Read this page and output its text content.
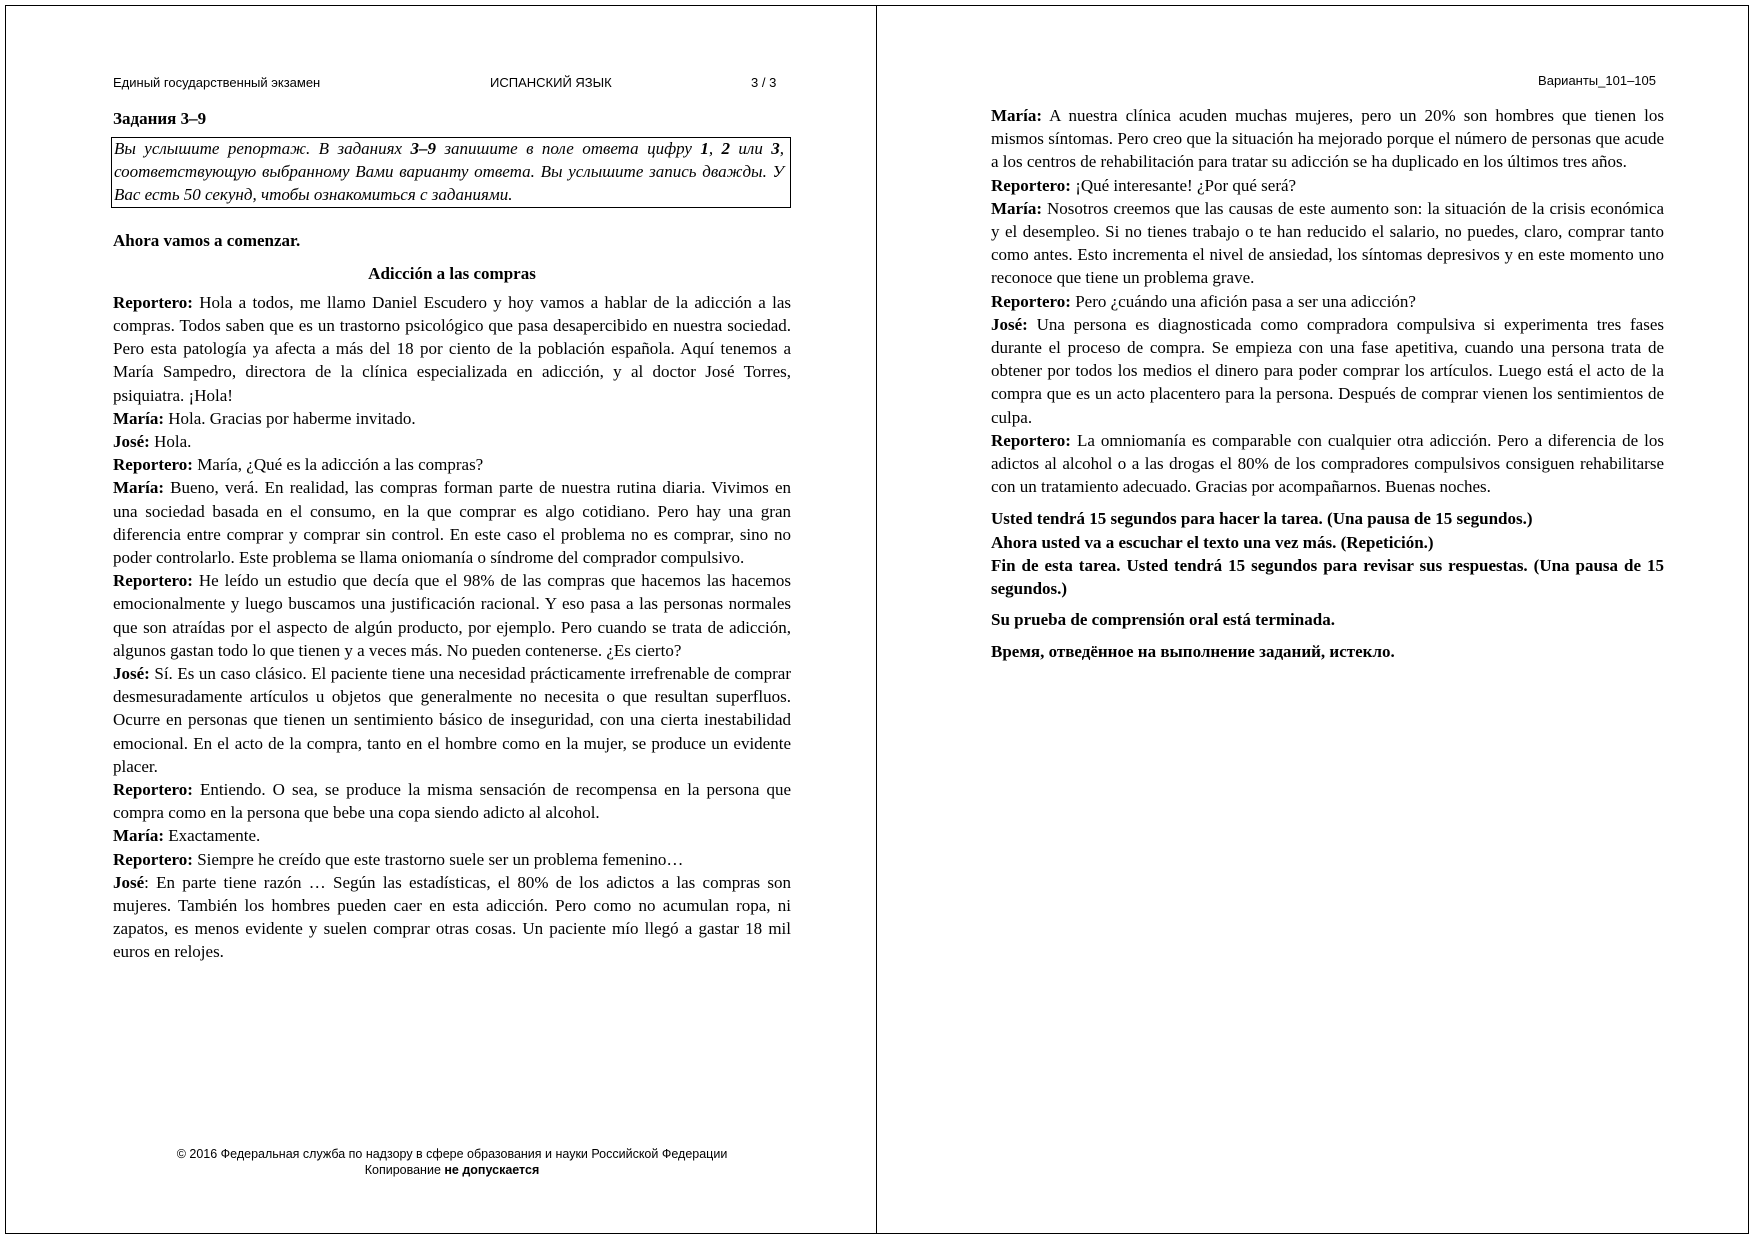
Единый государственный экзамен	ИСПАНСКИЙ ЯЗЫК	3 / 3
Задания 3–9
Вы услышите репортаж. В заданиях 3–9 запишите в поле ответа цифру 1, 2 или 3, соответствующую выбранному Вами варианту ответа. Вы услышите запись дважды. У Вас есть 50 секунд, чтобы ознакомиться с заданиями.
Ahora vamos a comenzar.
Adicción a las compras

Reportero: Hola a todos, me llamo Daniel Escudero y hoy vamos a hablar de la adicción a las compras. Todos saben que es un trastorno psicológico que pasa desapercibido en nuestra sociedad. Pero esta patología ya afecta a más del 18 por ciento de la población española. Aquí tenemos a María Sampedro, directora de la clínica especializada en adicción, y al doctor José Torres, psiquiatra. ¡Hola!

María: Hola. Gracias por haberme invitado.

José: Hola.

Reportero: María, ¿Qué es la adicción a las compras?

María: Bueno, verá. En realidad, las compras forman parte de nuestra rutina diaria. Vivimos en una sociedad basada en el consumo, en la que comprar es algo cotidiano. Pero hay una gran diferencia entre comprar y comprar sin control. En este caso el problema no es comprar, sino no poder controlarlo. Este problema se llama oniomanía o síndrome del comprador compulsivo.

Reportero: He leído un estudio que decía que el 98% de las compras que hacemos las hacemos emocionalmente y luego buscamos una justificación racional. Y eso pasa a las personas normales que son atraídas por el aspecto de algún producto, por ejemplo. Pero cuando se trata de adicción, algunos gastan todo lo que tienen y a veces más. No pueden contenerse. ¿Es cierto?

José: Sí. Es un caso clásico. El paciente tiene una necesidad prácticamente irrefrenable de comprar desmesuradamente artículos u objetos que generalmente no necesita o que resultan superfluos. Ocurre en personas que tienen un sentimiento básico de inseguridad, con una cierta inestabilidad emocional. En el acto de la compra, tanto en el hombre como en la mujer, se produce un evidente placer.

Reportero: Entiendo. O sea, se produce la misma sensación de recompensa en la persona que compra como en la persona que bebe una copa siendo adicto al alcohol.

María: Exactamente.

Reportero: Siempre he creído que este trastorno suele ser un problema femenino…

José: En parte tiene razón … Según las estadísticas, el 80% de los adictos a las compras son mujeres. También los hombres pueden caer en esta adicción. Pero como no acumulan ropa, ni zapatos, es menos evidente y suelen comprar otras cosas. Un paciente mío llegó a gastar 18 mil euros en relojes.

© 2016 Федеральная служба по надзору в сфере образования и науки Российской Федерации
Копирование не допускается
Варианты_101–105

María: A nuestra clínica acuden muchas mujeres, pero un 20% son hombres que tienen los mismos síntomas. Pero creo que la situación ha mejorado porque el número de personas que acude a los centros de rehabilitación para tratar su adicción se ha duplicado en los últimos tres años.

Reportero: ¡Qué interesante! ¿Por qué será?

María: Nosotros creemos que las causas de este aumento son: la situación de la crisis económica y el desempleo. Si no tienes trabajo o te han reducido el salario, no puedes, claro, comprar tanto como antes. Esto incrementa el nivel de ansiedad, los síntomas depresivos y en este momento uno reconoce que tiene un problema grave.

Reportero: Pero ¿cuándo una afición pasa a ser una adicción?

José: Una persona es diagnosticada como compradora compulsiva si experimenta tres fases durante el proceso de compra. Se empieza con una fase apetitiva, cuando una persona trata de obtener por todos los medios el dinero para poder comprar los artículos. Luego está el acto de la compra que es un acto placentero para la persona. Después de comprar vienen los sentimientos de culpa.

Reportero: La omniomanía es comparable con cualquier otra adicción. Pero a diferencia de los adictos al alcohol o a las drogas el 80% de los compradores compulsivos consiguen rehabilitarse con un tratamiento adecuado. Gracias por acompañarnos. Buenas noches.

Usted tendrá 15 segundos para hacer la tarea. (Una pausa de 15 segundos.)

Ahora usted va a escuchar el texto una vez más. (Repetición.)

Fin de esta tarea. Usted tendrá 15 segundos para revisar sus respuestas. (Una pausa de 15 segundos.)

Su prueba de comprensión oral está terminada.

Время, отведённое на выполнение заданий, истекло.
